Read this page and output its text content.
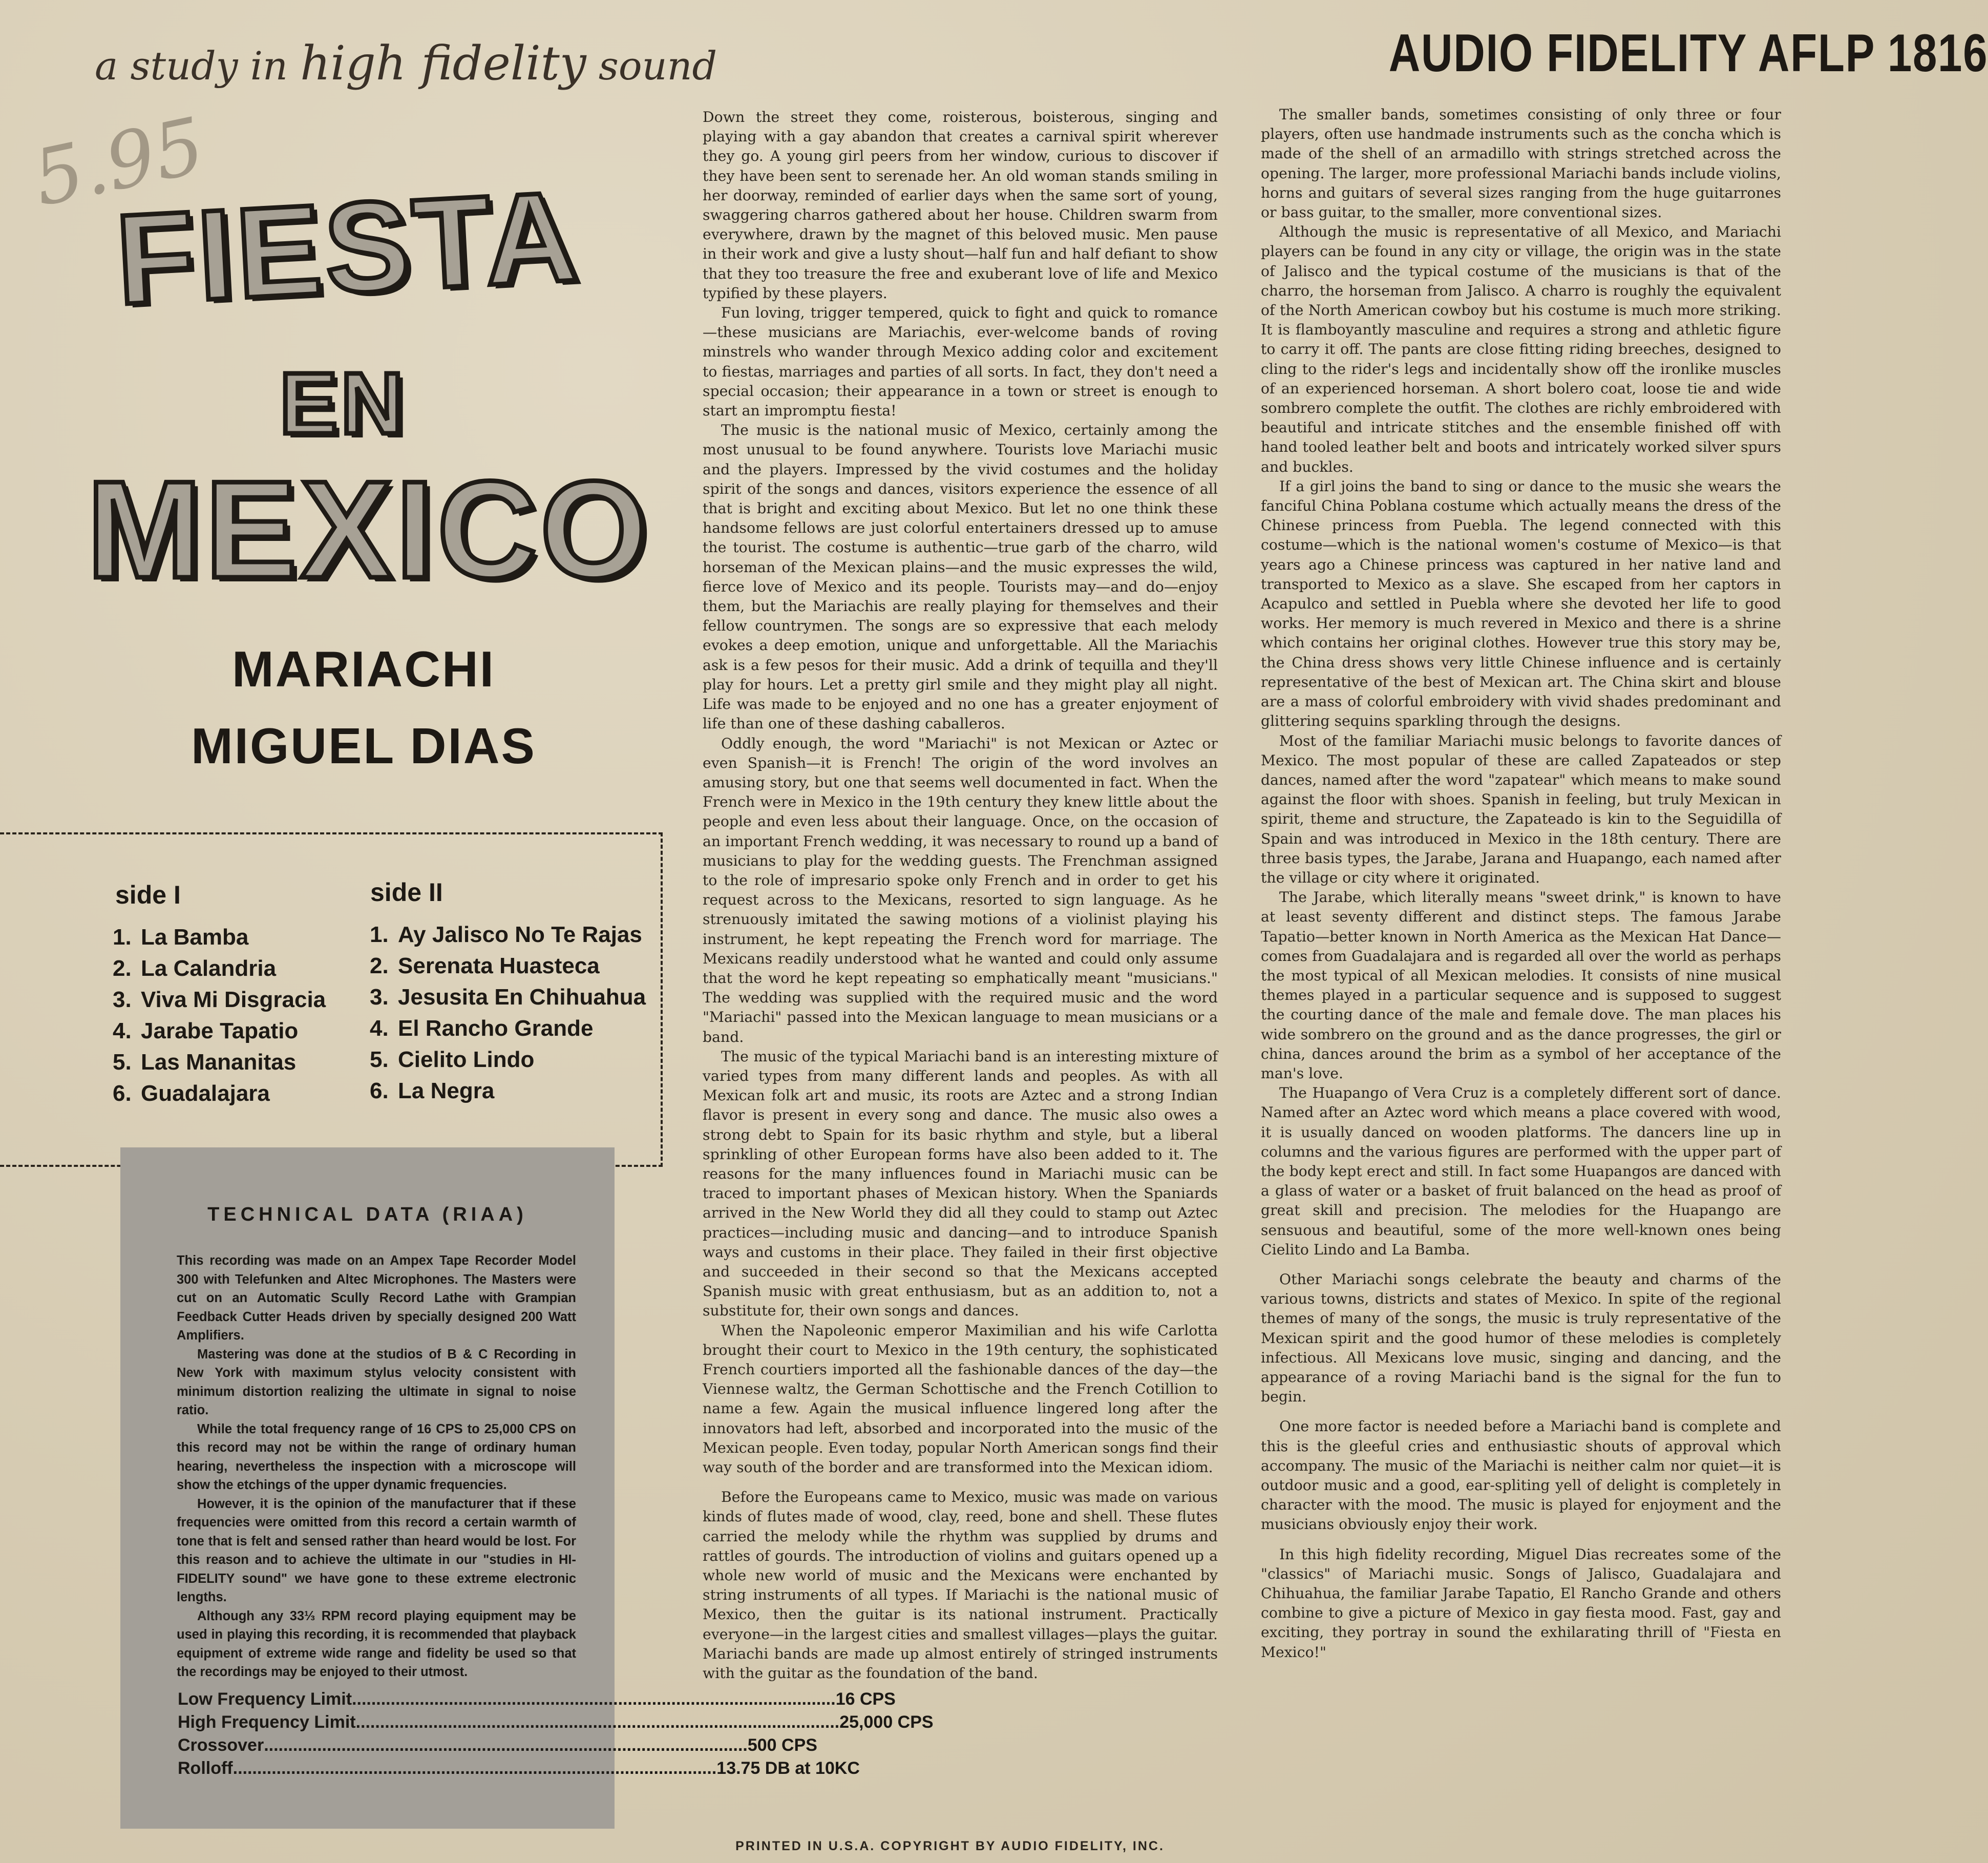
a study in high fidelity sound	AUDIO FIDELITY AFLP 1816
5.95
FIESTA
EN
MEXICO
MARIACHI
MIGUEL DIAS
side I	side II
1. La Bamba
2. La Calandria
3. Viva Mi Disgracia
4. Jarabe Tapatio
5. Las Mananitas
6. Guadalajara
1. Ay Jalisco No Te Rajas
2. Serenata Huasteca
3. Jesusita En Chihuahua
4. El Rancho Grande
5. Cielito Lindo
6. La Negra
TECHNICAL DATA (RIAA)

This recording was made on an Ampex Tape Recorder Model 300 with Telefunken and Altec Microphones. The Masters were cut on an Automatic Scully Record Lathe with Grampian Feedback Cutter Heads driven by specially designed 200 Watt Amplifiers.

Mastering was done at the studios of B & C Recording in New York with maximum stylus velocity consistent with minimum distortion realizing the ultimate in signal to noise ratio.

While the total frequency range of 16 CPS to 25,000 CPS on this record may not be within the range of ordinary human hearing, nevertheless the inspection with a microscope will show the etchings of the upper dynamic frequencies.

However, it is the opinion of the manufacturer that if these frequencies were omitted from this record a certain warmth of tone that is felt and sensed rather than heard would be lost. For this reason and to achieve the ultimate in our "studies in HI-FIDELITY sound" we have gone to these extreme electronic lengths.

Although any 33⅓ RPM record playing equipment may be used in playing this recording, it is recommended that playback equipment of extreme wide range and fidelity be used so that the recordings may be enjoyed to their utmost.

Low Frequency Limit .....	16 CPS
High Frequency Limit .....	25,000 CPS
Crossover .....	500 CPS
Rolloff .....	13.75 DB at 10KC

Down the street they come, roisterous, boisterous, singing and playing with a gay abandon that creates a carnival spirit wherever they go. A young girl peers from her window, curious to discover if they have been sent to serenade her. An old woman stands smiling in her doorway, reminded of earlier days when the same sort of young, swaggering charros gathered about her house. Children swarm from everywhere, drawn by the magnet of this beloved music. Men pause in their work and give a lusty shout—half fun and half defiant to show that they too treasure the free and exuberant love of life and Mexico typified by these players.

Fun loving, trigger tempered, quick to fight and quick to romance—these musicians are Mariachis, ever-welcome bands of roving minstrels who wander through Mexico adding color and excitement to fiestas, marriages and parties of all sorts. In fact, they don't need a special occasion; their appearance in a town or street is enough to start an impromptu fiesta!

The music is the national music of Mexico, certainly among the most unusual to be found anywhere. Tourists love Mariachi music and the players. Impressed by the vivid costumes and the holiday spirit of the songs and dances, visitors experience the essence of all that is bright and exciting about Mexico. But let no one think these handsome fellows are just colorful entertainers dressed up to amuse the tourist. The costume is authentic—true garb of the charro, wild horseman of the Mexican plains—and the music expresses the wild, fierce love of Mexico and its people. Tourists may—and do—enjoy them, but the Mariachis are really playing for themselves and their fellow countrymen. The songs are so expressive that each melody evokes a deep emotion, unique and unforgettable. All the Mariachis ask is a few pesos for their music. Add a drink of tequilla and they'll play for hours. Let a pretty girl smile and they might play all night. Life was made to be enjoyed and no one has a greater enjoyment of life than one of these dashing caballeros.

Oddly enough, the word "Mariachi" is not Mexican or Aztec or even Spanish—it is French! The origin of the word involves an amusing story, but one that seems well documented in fact. When the French were in Mexico in the 19th century they knew little about the people and even less about their language. Once, on the occasion of an important French wedding, it was necessary to round up a band of musicians to play for the wedding guests. The Frenchman assigned to the role of impresario spoke only French and in order to get his request across to the Mexicans, resorted to sign language. As he strenuously imitated the sawing motions of a violinist playing his instrument, he kept repeating the French word for marriage. The Mexicans readily understood what he wanted and could only assume that the word he kept repeating so emphatically meant "musicians." The wedding was supplied with the required music and the word "Mariachi" passed into the Mexican language to mean musicians or a band.

The music of the typical Mariachi band is an interesting mixture of varied types from many different lands and peoples. As with all Mexican folk art and music, its roots are Aztec and a strong Indian flavor is present in every song and dance. The music also owes a strong debt to Spain for its basic rhythm and style, but a liberal sprinkling of other European forms have also been added to it. The reasons for the many influences found in Mariachi music can be traced to important phases of Mexican history. When the Spaniards arrived in the New World they did all they could to stamp out Aztec practices—including music and dancing—and to introduce Spanish ways and customs in their place. They failed in their first objective and succeeded in their second so that the Mexicans accepted Spanish music with great enthusiasm, but as an addition to, not a substitute for, their own songs and dances.

When the Napoleonic emperor Maximilian and his wife Carlotta brought their court to Mexico in the 19th century, the sophisticated French courtiers imported all the fashionable dances of the day—the Viennese waltz, the German Schottische and the French Cotillion to name a few. Again the musical influence lingered long after the innovators had left, absorbed and incorporated into the music of the Mexican people. Even today, popular North American songs find their way south of the border and are transformed into the Mexican idiom.

Before the Europeans came to Mexico, music was made on various kinds of flutes made of wood, clay, reed, bone and shell. These flutes carried the melody while the rhythm was supplied by drums and rattles of gourds. The introduction of violins and guitars opened up a whole new world of music and the Mexicans were enchanted by string instruments of all types. If Mariachi is the national music of Mexico, then the guitar is its national instrument. Practically everyone—in the largest cities and smallest villages—plays the guitar. Mariachi bands are made up almost entirely of stringed instruments with the guitar as the foundation of the band.

The smaller bands, sometimes consisting of only three or four players, often use handmade instruments such as the concha which is made of the shell of an armadillo with strings stretched across the opening. The larger, more professional Mariachi bands include violins, horns and guitars of several sizes ranging from the huge guitarrones or bass guitar, to the smaller, more conventional sizes.

Although the music is representative of all Mexico, and Mariachi players can be found in any city or village, the origin was in the state of Jalisco and the typical costume of the musicians is that of the charro, the horseman from Jalisco. A charro is roughly the equivalent of the North American cowboy but his costume is much more striking. It is flamboyantly masculine and requires a strong and athletic figure to carry it off. The pants are close fitting riding breeches, designed to cling to the rider's legs and incidentally show off the ironlike muscles of an experienced horseman. A short bolero coat, loose tie and wide sombrero complete the outfit. The clothes are richly embroidered with beautiful and intricate stitches and the ensemble finished off with hand tooled leather belt and boots and intricately worked silver spurs and buckles.

If a girl joins the band to sing or dance to the music she wears the fanciful China Poblana costume which actually means the dress of the Chinese princess from Puebla. The legend connected with this costume—which is the national women's costume of Mexico—is that years ago a Chinese princess was captured in her native land and transported to Mexico as a slave. She escaped from her captors in Acapulco and settled in Puebla where she devoted her life to good works. Her memory is much revered in Mexico and there is a shrine which contains her original clothes. However true this story may be, the China dress shows very little Chinese influence and is certainly representative of the best of Mexican art. The China skirt and blouse are a mass of colorful embroidery with vivid shades predominant and glittering sequins sparkling through the designs.

Most of the familiar Mariachi music belongs to favorite dances of Mexico. The most popular of these are called Zapateados or step dances, named after the word "zapatear" which means to make sound against the floor with shoes. Spanish in feeling, but truly Mexican in spirit, theme and structure, the Zapateado is kin to the Seguidilla of Spain and was introduced in Mexico in the 18th century. There are three basis types, the Jarabe, Jarana and Huapango, each named after the village or city where it originated.

The Jarabe, which literally means "sweet drink," is known to have at least seventy different and distinct steps. The famous Jarabe Tapatio—better known in North America as the Mexican Hat Dance—comes from Guadalajara and is regarded all over the world as perhaps the most typical of all Mexican melodies. It consists of nine musical themes played in a particular sequence and is supposed to suggest the courting dance of the male and female dove. The man places his wide sombrero on the ground and as the dance progresses, the girl or china, dances around the brim as a symbol of her acceptance of the man's love.

The Huapango of Vera Cruz is a completely different sort of dance. Named after an Aztec word which means a place covered with wood, it is usually danced on wooden platforms. The dancers line up in columns and the various figures are performed with the upper part of the body kept erect and still. In fact some Huapangos are danced with a glass of water or a basket of fruit balanced on the head as proof of great skill and precision. The melodies for the Huapango are sensuous and beautiful, some of the more well-known ones being Cielito Lindo and La Bamba.

Other Mariachi songs celebrate the beauty and charms of the various towns, districts and states of Mexico. In spite of the regional themes of many of the songs, the music is truly representative of the Mexican spirit and the good humor of these melodies is completely infectious. All Mexicans love music, singing and dancing, and the appearance of a roving Mariachi band is the signal for the fun to begin.

One more factor is needed before a Mariachi band is complete and this is the gleeful cries and enthusiastic shouts of approval which accompany. The music of the Mariachi is neither calm nor quiet—it is outdoor music and a good, ear-spliting yell of delight is completely in character with the mood. The music is played for enjoyment and the musicians obviously enjoy their work.

In this high fidelity recording, Miguel Dias recreates some of the "classics" of Mariachi music. Songs of Jalisco, Guadalajara and Chihuahua, the familiar Jarabe Tapatio, El Rancho Grande and others combine to give a picture of Mexico in gay fiesta mood. Fast, gay and exciting, they portray in sound the exhilarating thrill of "Fiesta en Mexico!"

PRINTED IN U.S.A. COPYRIGHT BY AUDIO FIDELITY, INC.
